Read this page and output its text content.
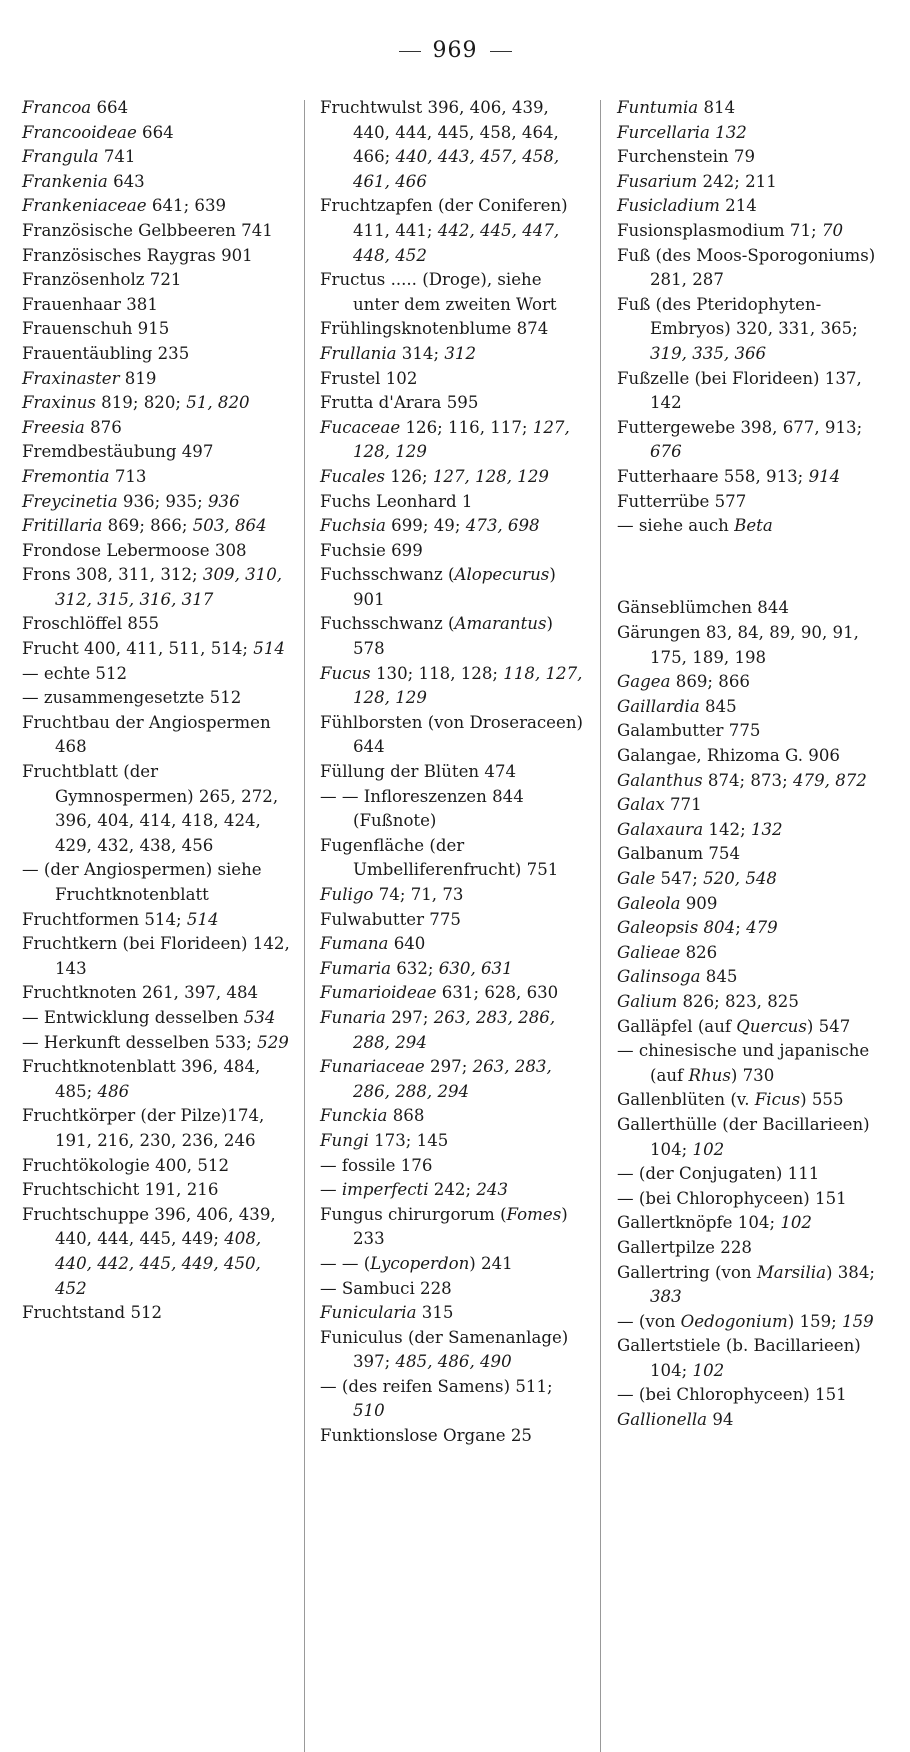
969

Francoa 664

Francooideae 664

Frangula 741

Frankenia 643

Frankeniaceae 641; 639

Französische Gelbbeeren 741

Französisches Raygras 901

Französenholz 721

Frauenhaar 381

Frauenschuh 915

Frauentäubling 235

Fraxinaster 819

Fraxinus 819; 820; 51, 820

Freesia 876

Fremdbestäubung 497

Fremontia 713

Freycinetia 936; 935; 936

Fritillaria 869; 866; 503, 864

Frondose Lebermoose 308

Frons 308, 311, 312; 309, 310, 312, 315, 316, 317

Froschlöffel 855

Frucht 400, 411, 511, 514; 514

— echte 512

— zusammengesetzte 512

Fruchtbau der Angiospermen 468

Fruchtblatt (der Gymnospermen) 265, 272, 396, 404, 414, 418, 424, 429, 432, 438, 456

— (der Angiospermen) siehe Fruchtknotenblatt

Fruchtformen 514; 514

Fruchtkern (bei Florideen) 142, 143

Fruchtknoten 261, 397, 484

— Entwicklung desselben 534

— Herkunft desselben 533; 529

Fruchtknotenblatt 396, 484, 485; 486

Fruchtkörper (der Pilze)174, 191, 216, 230, 236, 246

Fruchtökologie 400, 512

Fruchtschicht 191, 216

Fruchtschuppe 396, 406, 439, 440, 444, 445, 449; 408, 440, 442, 445, 449, 450, 452

Fruchtstand 512

Fruchtwulst 396, 406, 439, 440, 444, 445, 458, 464, 466; 440, 443, 457, 458, 461, 466

Fruchtzapfen (der Coniferen) 411, 441; 442, 445, 447, 448, 452

Fructus ..... (Droge), siehe unter dem zweiten Wort

Frühlingsknotenblume 874

Frullania 314; 312

Frustel 102

Frutta d'Arara 595

Fucaceae 126; 116, 117; 127, 128, 129

Fucales 126; 127, 128, 129

Fuchs Leonhard 1

Fuchsia 699; 49; 473, 698

Fuchsie 699

Fuchsschwanz (Alopecurus) 901

Fuchsschwanz (Amarantus) 578

Fucus 130; 118, 128; 118, 127, 128, 129

Fühlborsten (von Droseraceen) 644

Füllung der Blüten 474

— — Infloreszenzen 844 (Fußnote)

Fugenfläche (der Umbelliferenfrucht) 751

Fuligo 74; 71, 73

Fulwabutter 775

Fumana 640

Fumaria 632; 630, 631

Fumarioideae 631; 628, 630

Funaria 297; 263, 283, 286, 288, 294

Funariaceae 297; 263, 283, 286, 288, 294

Funckia 868

Fungi 173; 145

— fossile 176

— imperfecti 242; 243

Fungus chirurgorum (Fomes) 233

— — (Lycoperdon) 241

— Sambuci 228

Funicularia 315

Funiculus (der Samenanlage) 397; 485, 486, 490

— (des reifen Samens) 511; 510

Funktionslose Organe 25

Funtumia 814

Furcellaria 132

Furchenstein 79

Fusarium 242; 211

Fusicladium 214

Fusionsplasmodium 71; 70

Fuß (des Moos-Sporogoniums) 281, 287

Fuß (des Pteridophyten-Embryos) 320, 331, 365; 319, 335, 366

Fußzelle (bei Florideen) 137, 142

Futtergewebe 398, 677, 913; 676

Futterhaare 558, 913; 914

Futterrübe 577

— siehe auch Beta

Gänseblümchen 844

Gärungen 83, 84, 89, 90, 91, 175, 189, 198

Gagea 869; 866

Gaillardia 845

Galambutter 775

Galangae, Rhizoma G. 906

Galanthus 874; 873; 479, 872

Galax 771

Galaxaura 142; 132

Galbanum 754

Gale 547; 520, 548

Galeola 909

Galeopsis 804; 479

Galieae 826

Galinsoga 845

Galium 826; 823, 825

Galläpfel (auf Quercus) 547

— chinesische und japanische (auf Rhus) 730

Gallenblüten (v. Ficus) 555

Gallerthülle (der Bacillarieen) 104; 102

— (der Conjugaten) 111

— (bei Chlorophyceen) 151

Gallertknöpfe 104; 102

Gallertpilze 228

Gallertring (von Marsilia) 384; 383

— (von Oedogonium) 159; 159

Gallertstiele (b. Bacillarieen) 104; 102

— (bei Chlorophyceen) 151

Gallionella 94
